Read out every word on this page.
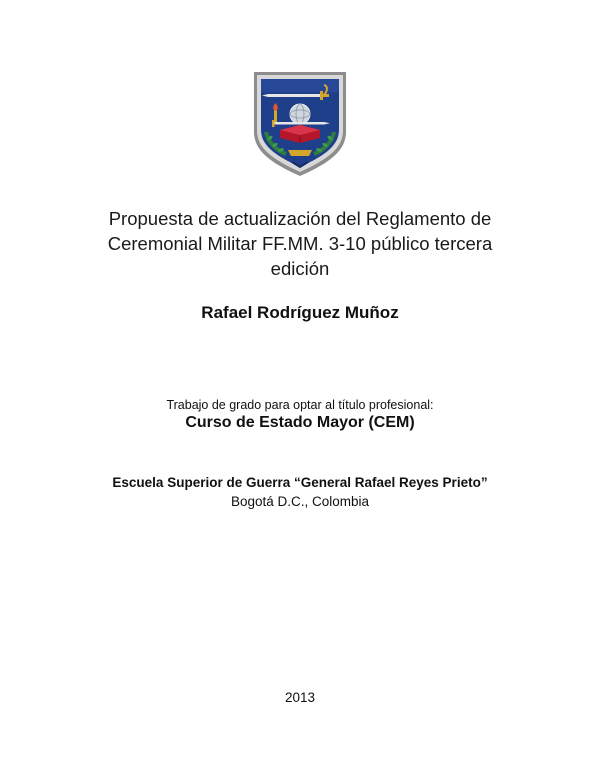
Propuesta de actualización del Reglamento de Ceremonial Militar FF.MM. 3-10 público tercera edición
Rafael Rodríguez Muñoz
Trabajo de grado para optar al título profesional:
Curso de Estado Mayor (CEM)
Escuela Superior de Guerra “General Rafael Reyes Prieto”
Bogotá D.C., Colombia
2013
